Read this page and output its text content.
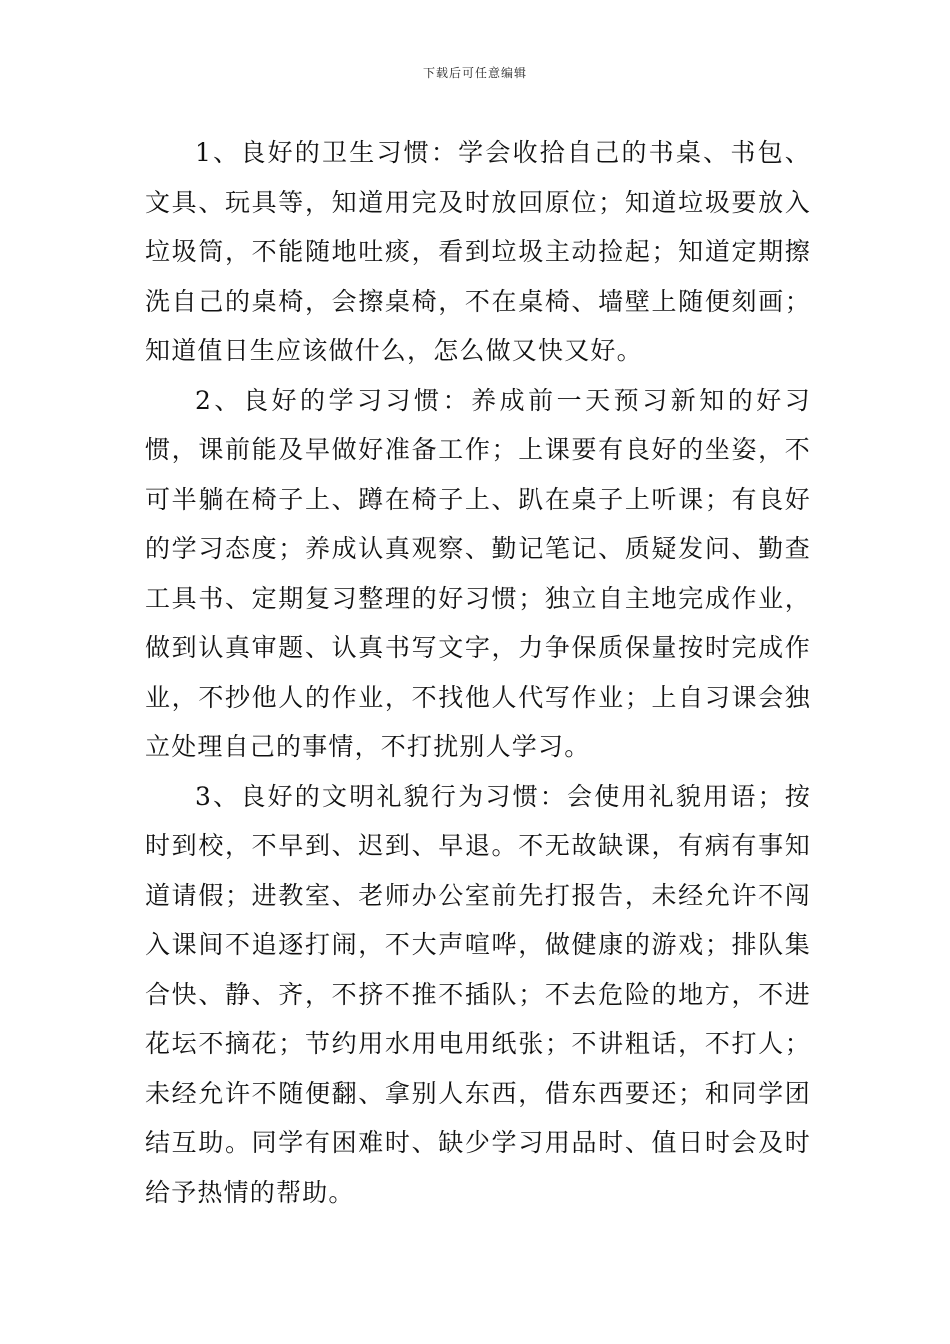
下载后可任意编辑

1、良好的卫生习惯：学会收拾自己的书桌、书包、文具、玩具等，知道用完及时放回原位；知道垃圾要放入垃圾筒，不能随地吐痰，看到垃圾主动捡起；知道定期擦洗自己的桌椅，会擦桌椅，不在桌椅、墙壁上随便刻画；知道值日生应该做什么，怎么做又快又好。

2、良好的学习习惯：养成前一天预习新知的好习惯，课前能及早做好准备工作；上课要有良好的坐姿，不可半躺在椅子上、蹲在椅子上、趴在桌子上听课；有良好的学习态度；养成认真观察、勤记笔记、质疑发问、勤查工具书、定期复习整理的好习惯；独立自主地完成作业，做到认真审题、认真书写文字，力争保质保量按时完成作业，不抄他人的作业，不找他人代写作业；上自习课会独立处理自己的事情，不打扰别人学习。

3、良好的文明礼貌行为习惯：会使用礼貌用语；按时到校，不早到、迟到、早退。不无故缺课，有病有事知道请假；进教室、老师办公室前先打报告，未经允许不闯入课间不追逐打闹，不大声喧哗，做健康的游戏；排队集合快、静、齐，不挤不推不插队；不去危险的地方，不进花坛不摘花；节约用水用电用纸张；不讲粗话，不打人；未经允许不随便翻、拿别人东西，借东西要还；和同学团结互助。同学有困难时、缺少学习用品时、值日时会及时给予热情的帮助。
